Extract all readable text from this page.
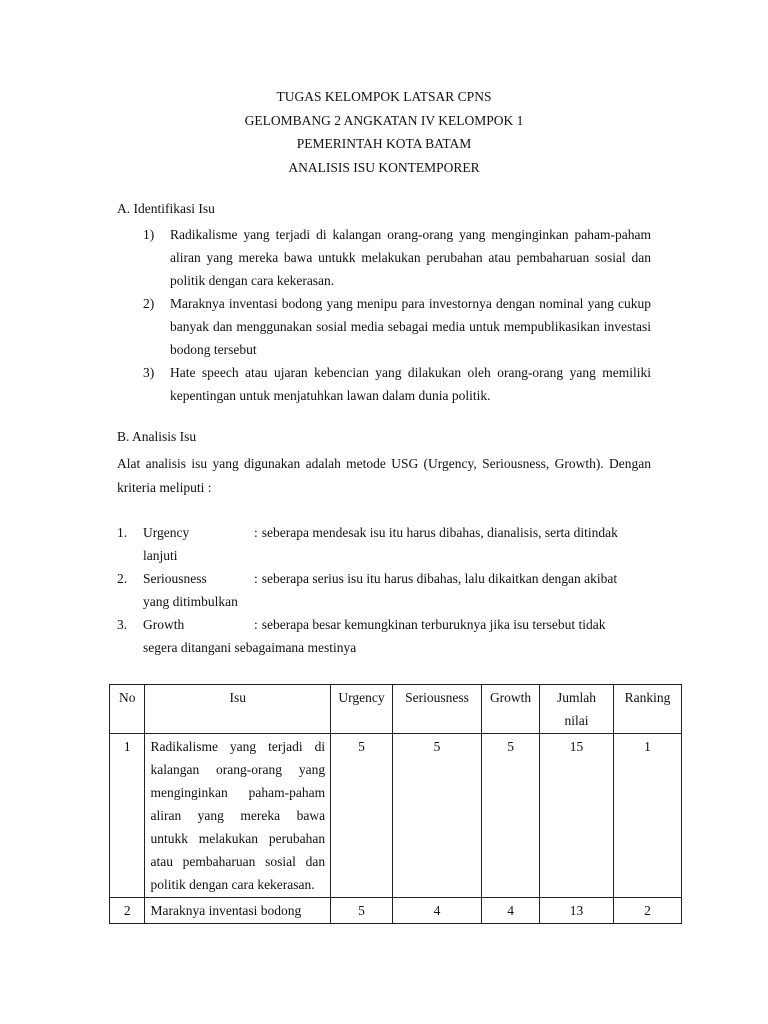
TUGAS KELOMPOK LATSAR CPNS
GELOMBANG 2 ANGKATAN IV KELOMPOK 1
PEMERINTAH KOTA BATAM
ANALISIS ISU KONTEMPORER
A. Identifikasi Isu
1) Radikalisme yang terjadi di kalangan orang-orang yang menginginkan paham-paham aliran yang mereka bawa untukk melakukan perubahan atau pembaharuan sosial dan politik dengan cara kekerasan.
2) Maraknya inventasi bodong yang menipu para investornya dengan nominal yang cukup banyak dan menggunakan sosial media sebagai media untuk mempublikasikan investasi bodong tersebut
3) Hate speech atau ujaran kebencian yang dilakukan oleh orang-orang yang memiliki kepentingan untuk menjatuhkan lawan dalam dunia politik.
B. Analisis Isu
Alat analisis isu yang digunakan adalah metode USG (Urgency, Seriousness, Growth). Dengan kriteria meliputi :
1. Urgency	: seberapa mendesak isu itu harus dibahas, dianalisis, serta ditindak
lanjuti
2. Seriousness	: seberapa serius isu itu harus dibahas, lalu dikaitkan dengan akibat
yang ditimbulkan
3. Growth	: seberapa besar kemungkinan terburuknya jika isu tersebut tidak
segera ditangani sebagaimana mestinya
No	Isu	Urgency	Seriousness	Growth	Jumlah nilai	Ranking
1	Radikalisme yang terjadi di kalangan orang-orang yang menginginkan paham-paham aliran yang mereka bawa untukk melakukan perubahan atau pembaharuan sosial dan politik dengan cara kekerasan.	5	5	5	15	1
2	Maraknya inventasi bodong	5	4	4	13	2
